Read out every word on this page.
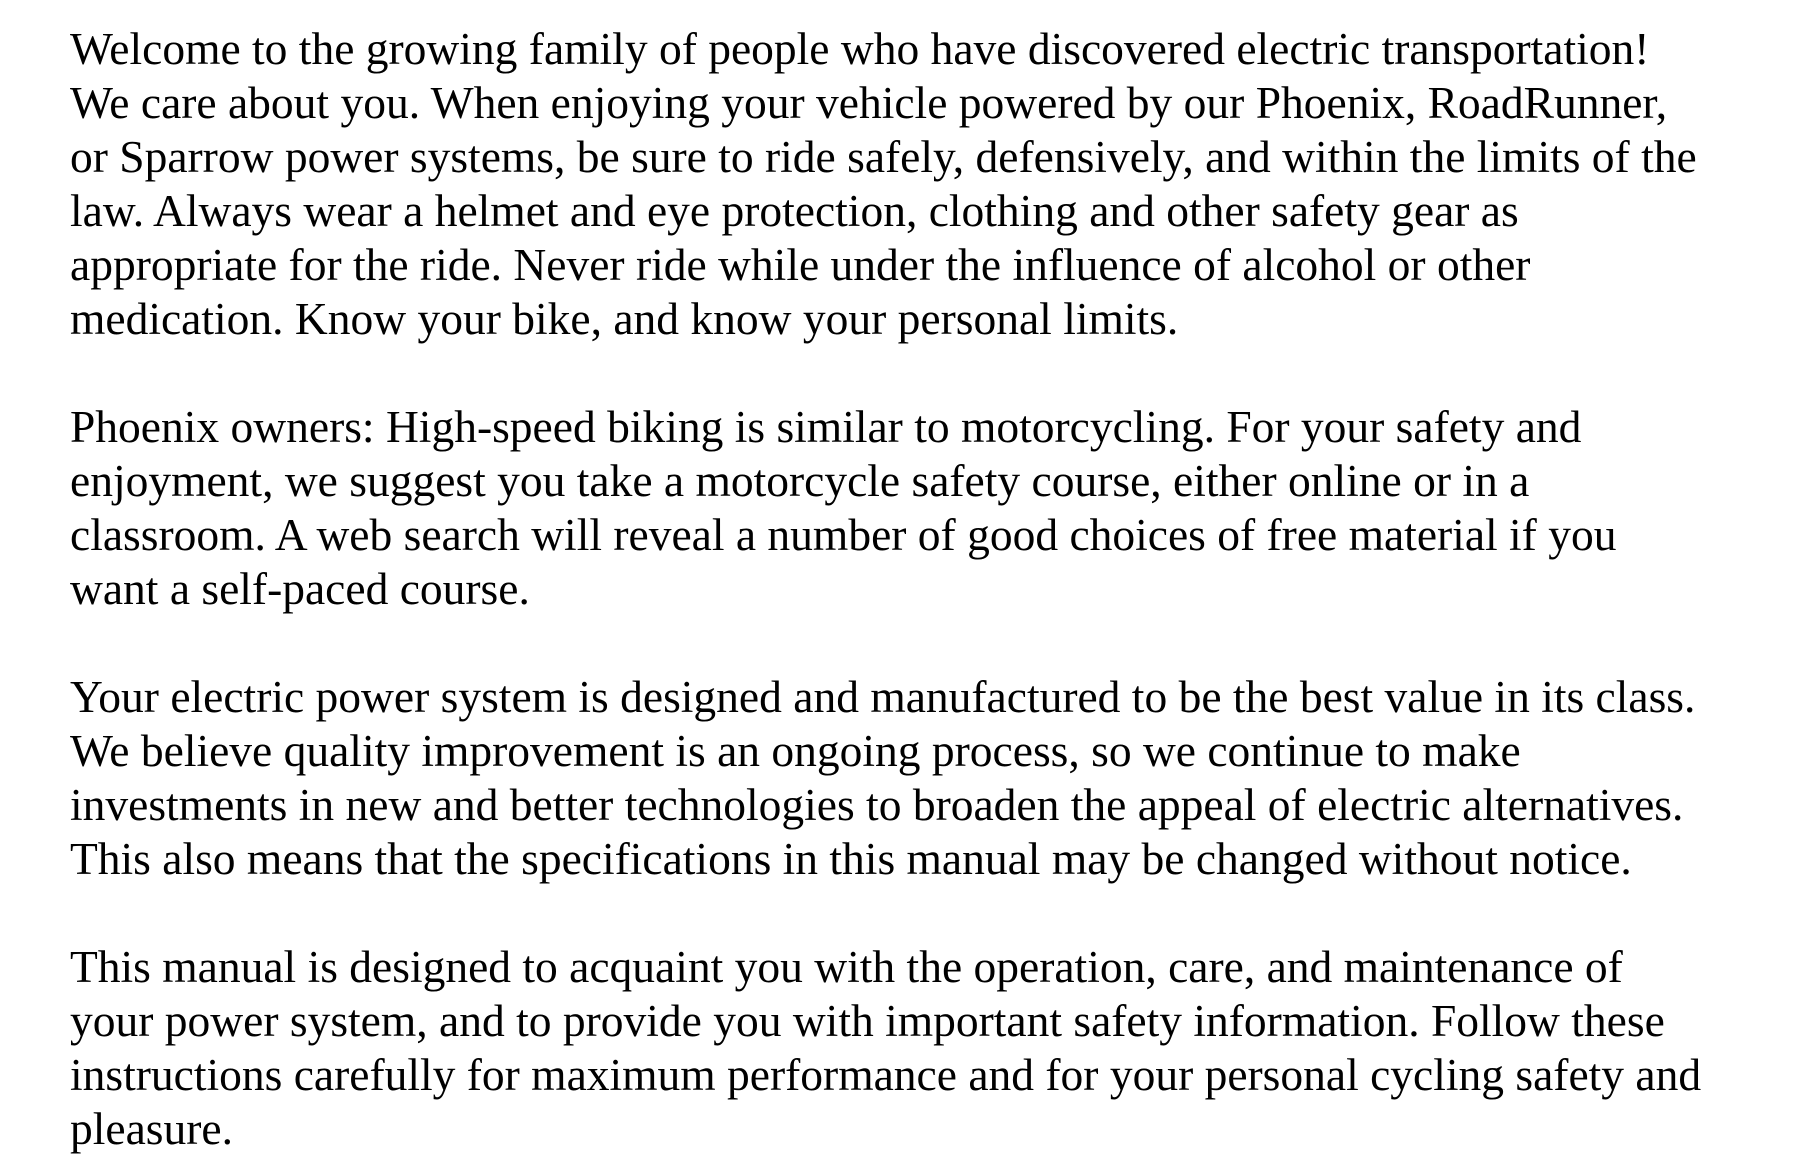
Welcome to the growing family of people who have discovered electric transportation!
We care about you. When enjoying your vehicle powered by our Phoenix, RoadRunner,
or Sparrow power systems, be sure to ride safely, defensively, and within the limits of the
law. Always wear a helmet and eye protection, clothing and other safety gear as
appropriate for the ride. Never ride while under the influence of alcohol or other
medication. Know your bike, and know your personal limits.

Phoenix owners: High-speed biking is similar to motorcycling. For your safety and
enjoyment, we suggest you take a motorcycle safety course, either online or in a
classroom. A web search will reveal a number of good choices of free material if you
want a self-paced course.

Your electric power system is designed and manufactured to be the best value in its class.
We believe quality improvement is an ongoing process, so we continue to make
investments in new and better technologies to broaden the appeal of electric alternatives.
This also means that the specifications in this manual may be changed without notice.

This manual is designed to acquaint you with the operation, care, and maintenance of
your power system, and to provide you with important safety information. Follow these
instructions carefully for maximum performance and for your personal cycling safety and
pleasure.
